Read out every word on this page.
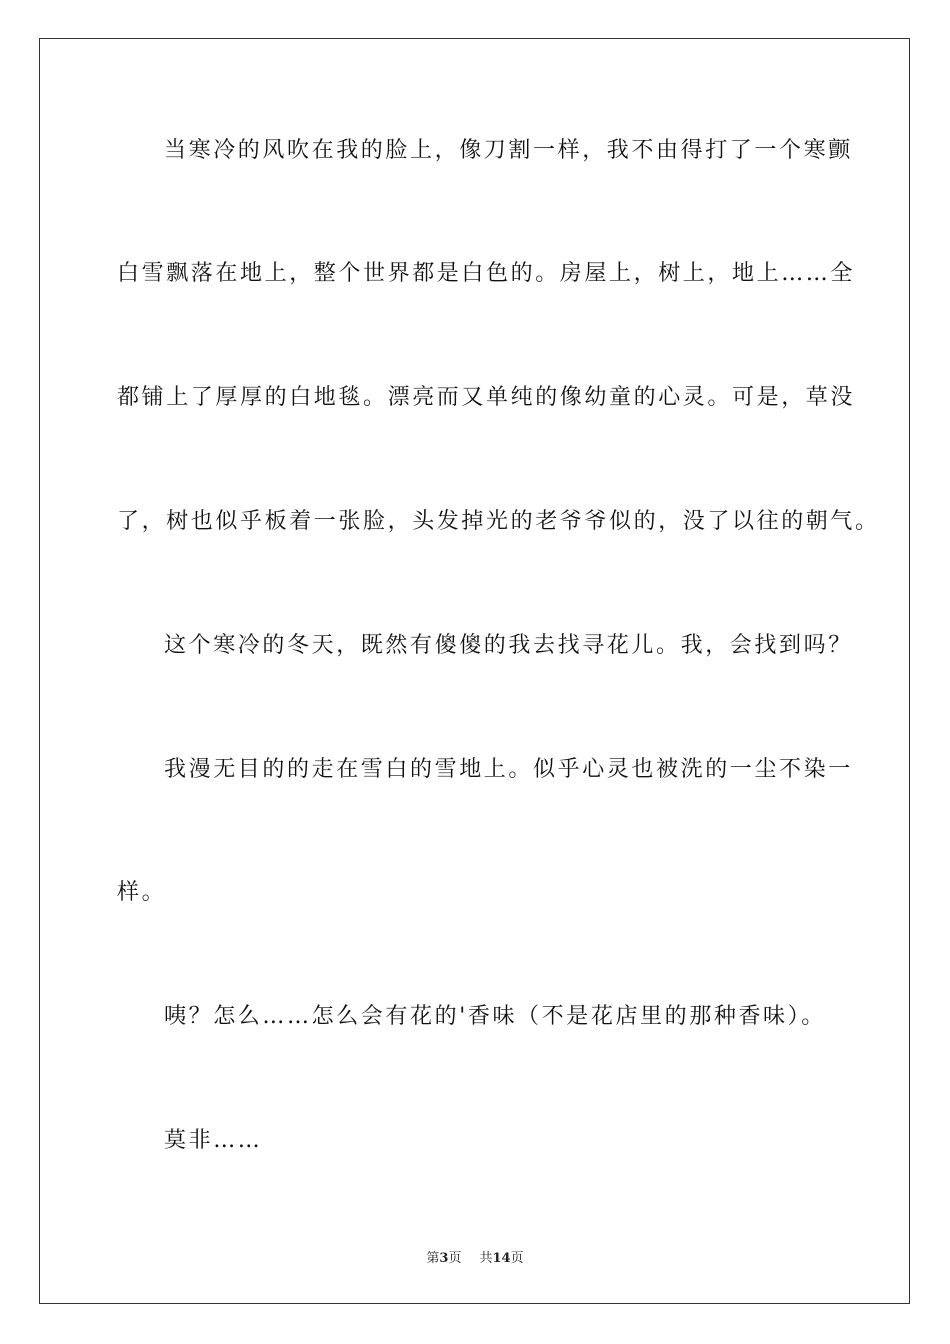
当寒冷的风吹在我的脸上，像刀割一样，我不由得打了一个寒颤
白雪飘落在地上，整个世界都是白色的。房屋上，树上，地上……全
都铺上了厚厚的白地毯。漂亮而又单纯的像幼童的心灵。可是，草没
了，树也似乎板着一张脸，头发掉光的老爷爷似的，没了以往的朝气。
这个寒冷的冬天，既然有傻傻的我去找寻花儿。我，会找到吗？
我漫无目的的走在雪白的雪地上。似乎心灵也被洗的一尘不染一
样。
咦？怎么……怎么会有花的'香味（不是花店里的那种香味）。
莫非……
第3页 共14页
